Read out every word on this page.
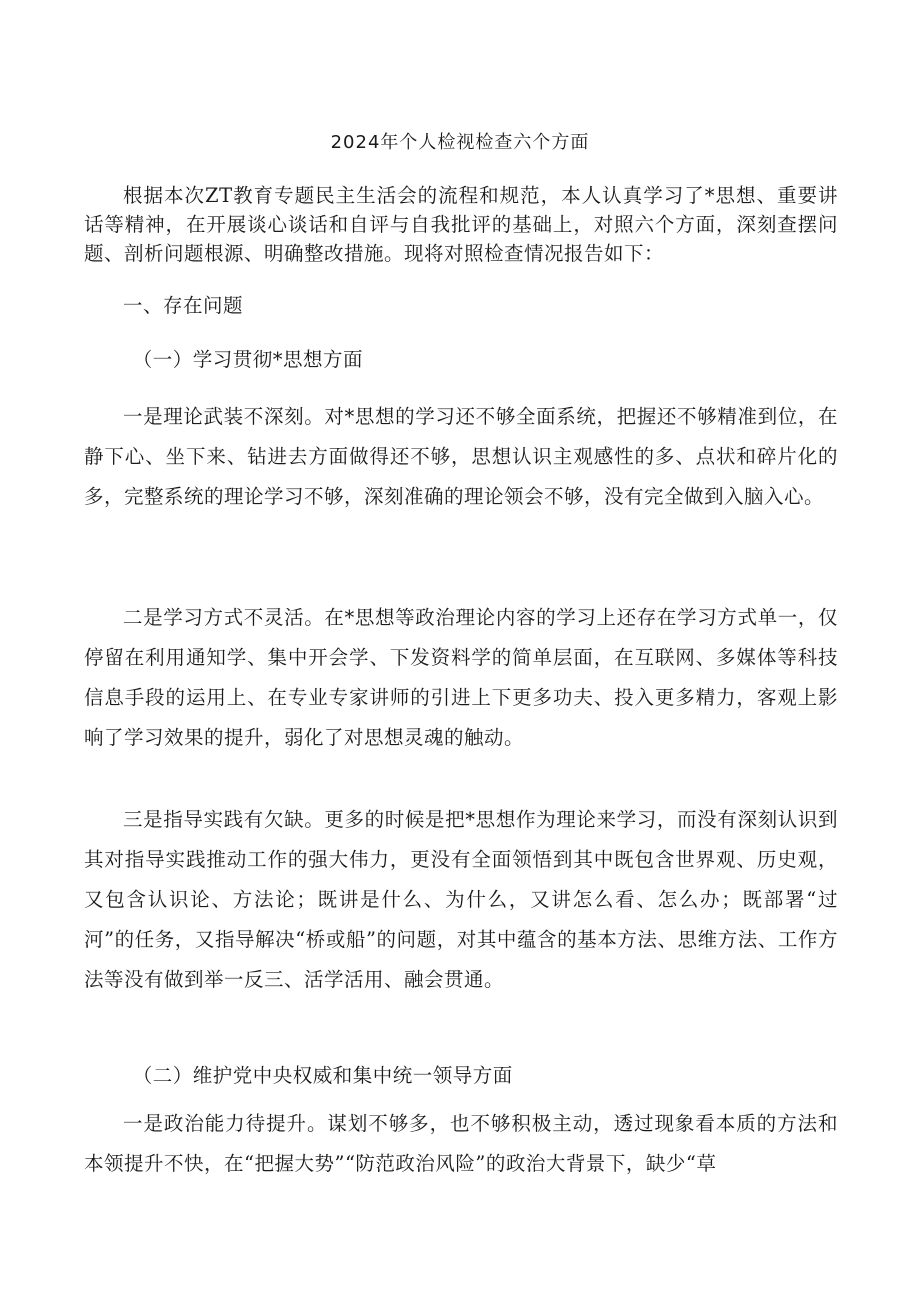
2024年个人检视检查六个方面

根据本次ZT教育专题民主生活会的流程和规范，本人认真学习了*思想、重要讲话等精神，在开展谈心谈话和自评与自我批评的基础上，对照六个方面，深刻查摆问题、剖析问题根源、明确整改措施。现将对照检查情况报告如下：

一、存在问题

（一）学习贯彻*思想方面

一是理论武装不深刻。对*思想的学习还不够全面系统，把握还不够精准到位，在静下心、坐下来、钻进去方面做得还不够，思想认识主观感性的多、点状和碎片化的多，完整系统的理论学习不够，深刻准确的理论领会不够，没有完全做到入脑入心。

二是学习方式不灵活。在*思想等政治理论内容的学习上还存在学习方式单一，仅停留在利用通知学、集中开会学、下发资料学的简单层面，在互联网、多媒体等科技信息手段的运用上、在专业专家讲师的引进上下更多功夫、投入更多精力，客观上影响了学习效果的提升，弱化了对思想灵魂的触动。

三是指导实践有欠缺。更多的时候是把*思想作为理论来学习，而没有深刻认识到其对指导实践推动工作的强大伟力，更没有全面领悟到其中既包含世界观、历史观，又包含认识论、方法论；既讲是什么、为什么，又讲怎么看、怎么办；既部署“过河”的任务，又指导解决“桥或船”的问题，对其中蕴含的基本方法、思维方法、工作方法等没有做到举一反三、活学活用、融会贯通。

（二）维护党中央权威和集中统一领导方面

一是政治能力待提升。谋划不够多，也不够积极主动，透过现象看本质的方法和本领提升不快，在“把握大势”“防范政治风险”的政治大背景下，缺少“草
